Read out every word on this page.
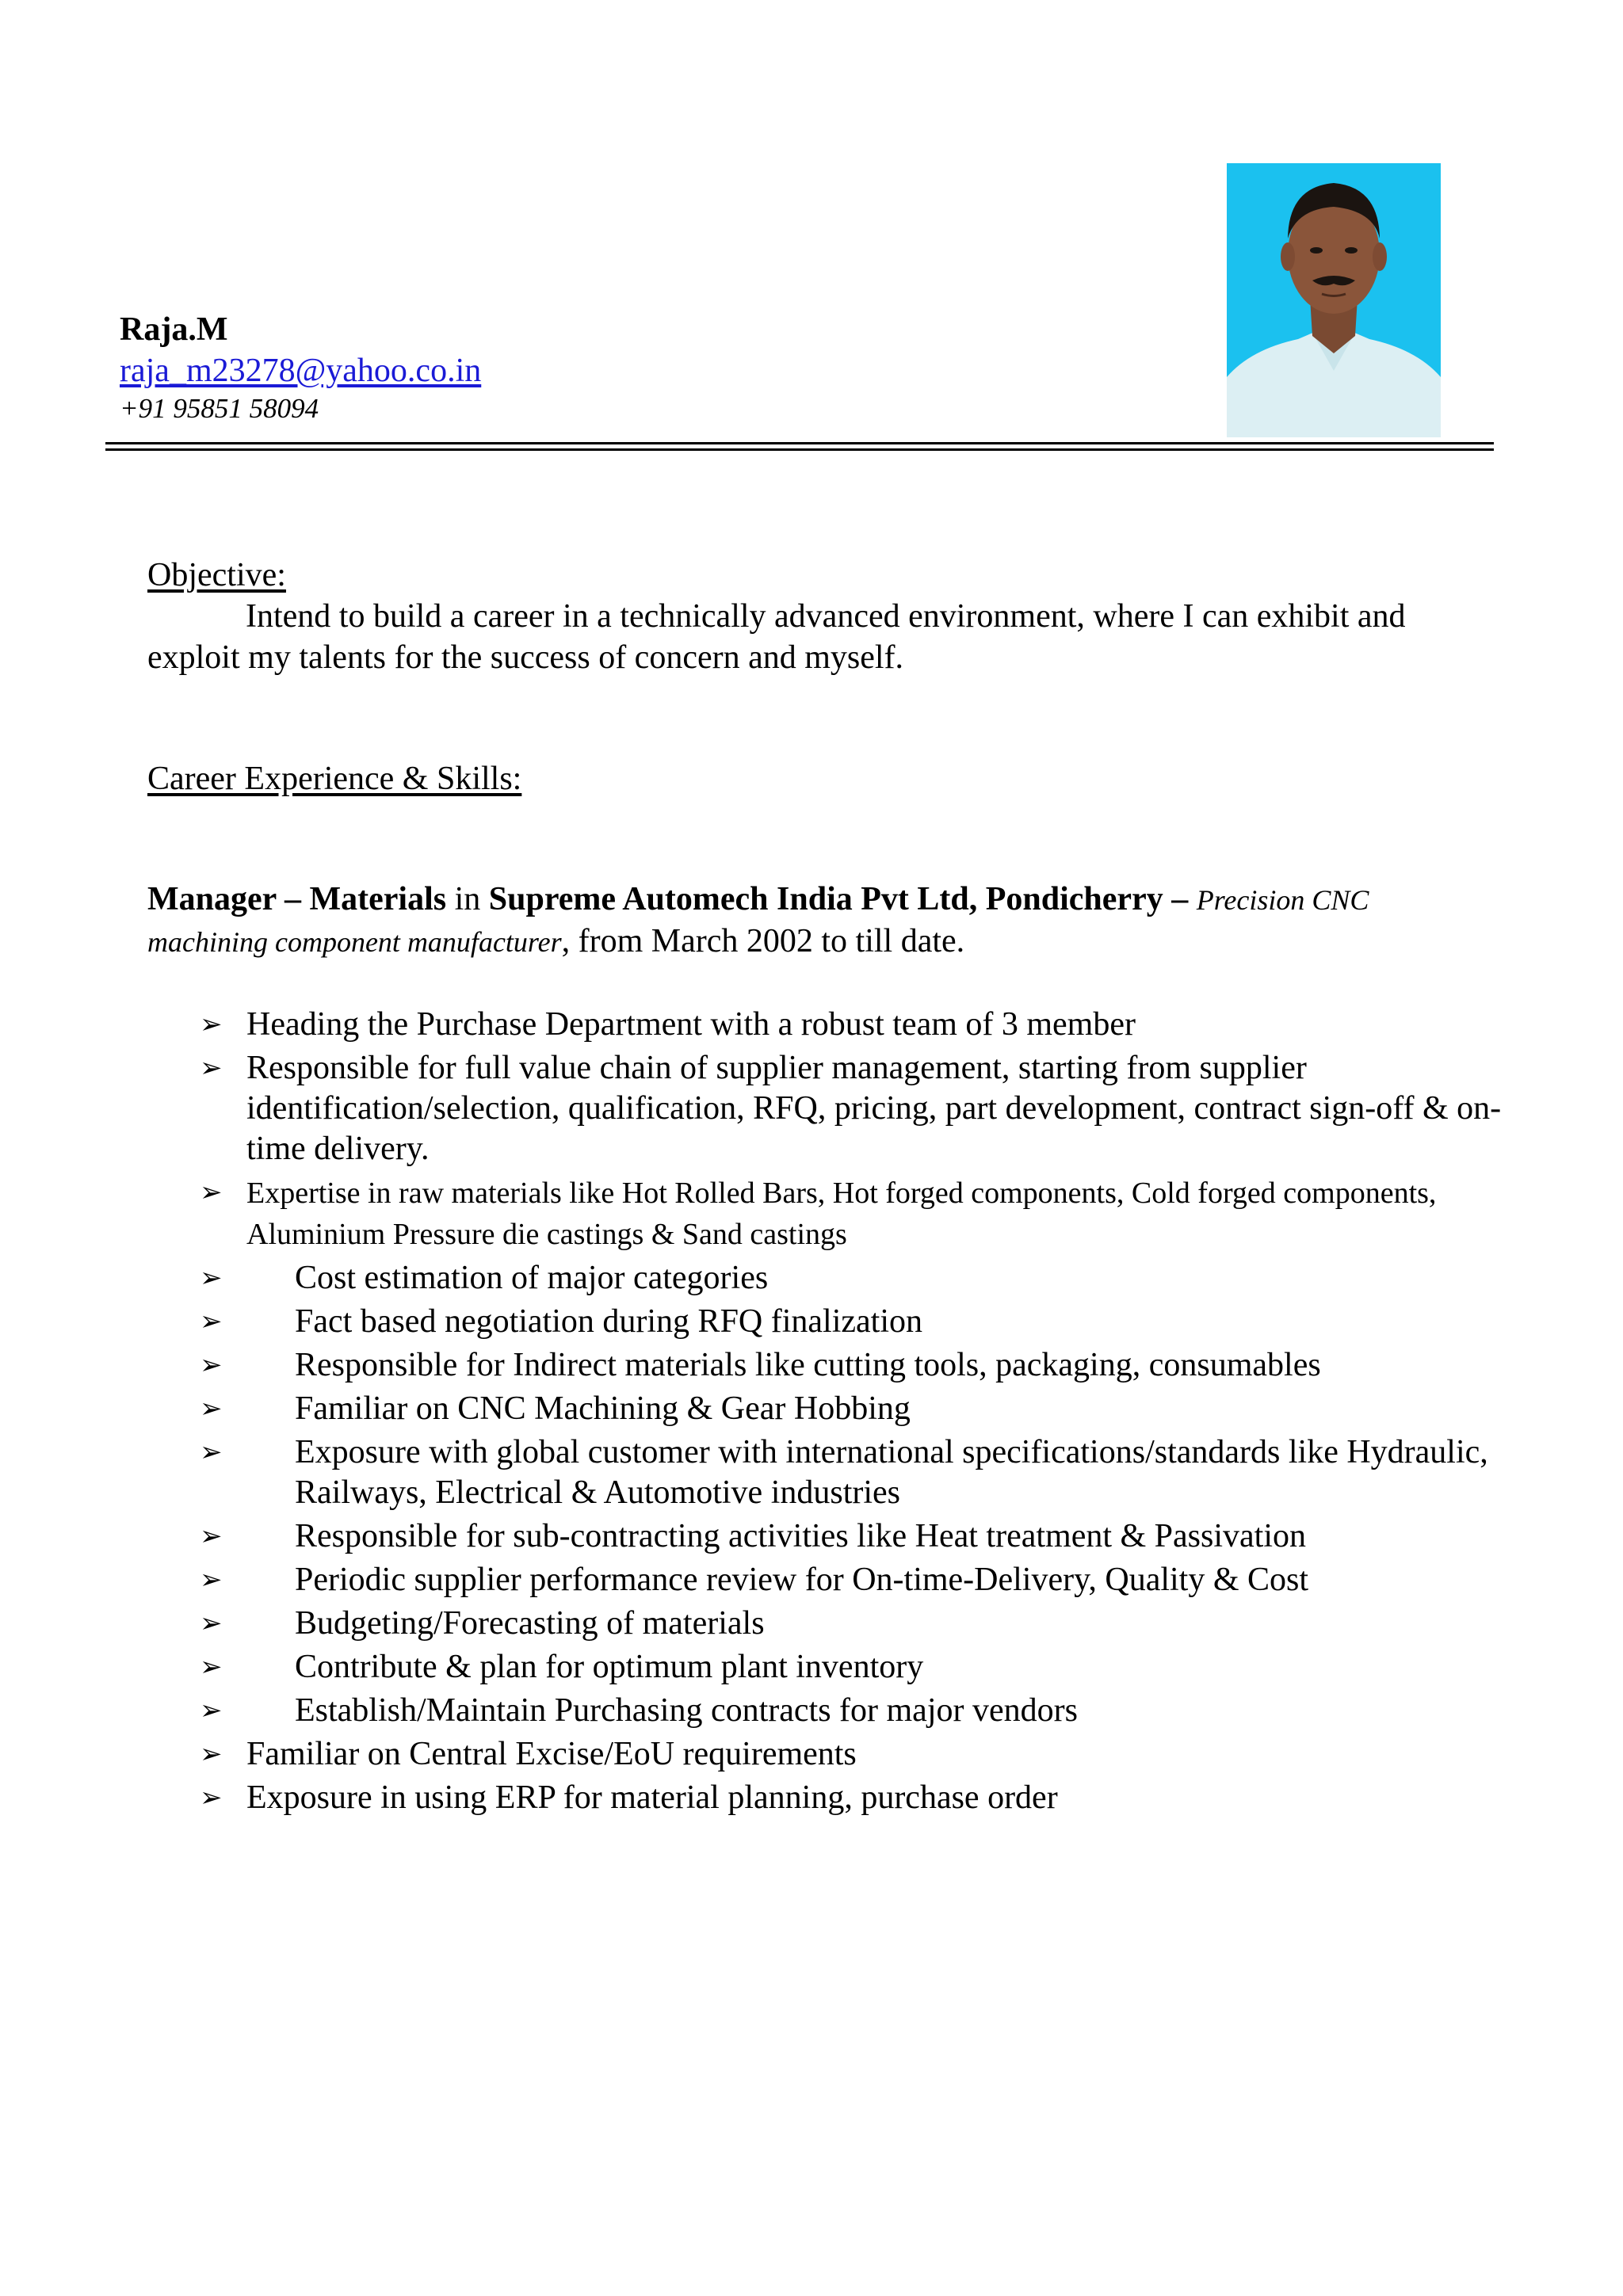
Raja.M
raja_m23278@yahoo.co.in
+91 95851 58094
Objective:
Intend to build a career in a technically advanced environment, where I can exhibit and exploit my talents for the success of concern and myself.
Career Experience & Skills:
Manager – Materials in Supreme Automech India Pvt Ltd, Pondicherry – Precision CNC machining component manufacturer, from March 2002 to till date.
➢ Heading the Purchase Department with a robust team of 3 member
➢ Responsible for full value chain of supplier management, starting from supplier identification/selection, qualification, RFQ, pricing, part development, contract sign-off & on-time delivery.
➢ Expertise in raw materials like Hot Rolled Bars, Hot forged components, Cold forged components, Aluminium Pressure die castings & Sand castings
➢ Cost estimation of major categories
➢ Fact based negotiation during RFQ finalization
➢ Responsible for Indirect materials like cutting tools, packaging, consumables
➢ Familiar on CNC Machining & Gear Hobbing
➢ Exposure with global customer with international specifications/standards like Hydraulic, Railways, Electrical & Automotive industries
➢ Responsible for sub-contracting activities like Heat treatment & Passivation
➢ Periodic supplier performance review for On-time-Delivery, Quality & Cost
➢ Budgeting/Forecasting of materials
➢ Contribute & plan for optimum plant inventory
➢ Establish/Maintain Purchasing contracts for major vendors
➢ Familiar on Central Excise/EoU requirements
➢ Exposure in using ERP for material planning, purchase order
